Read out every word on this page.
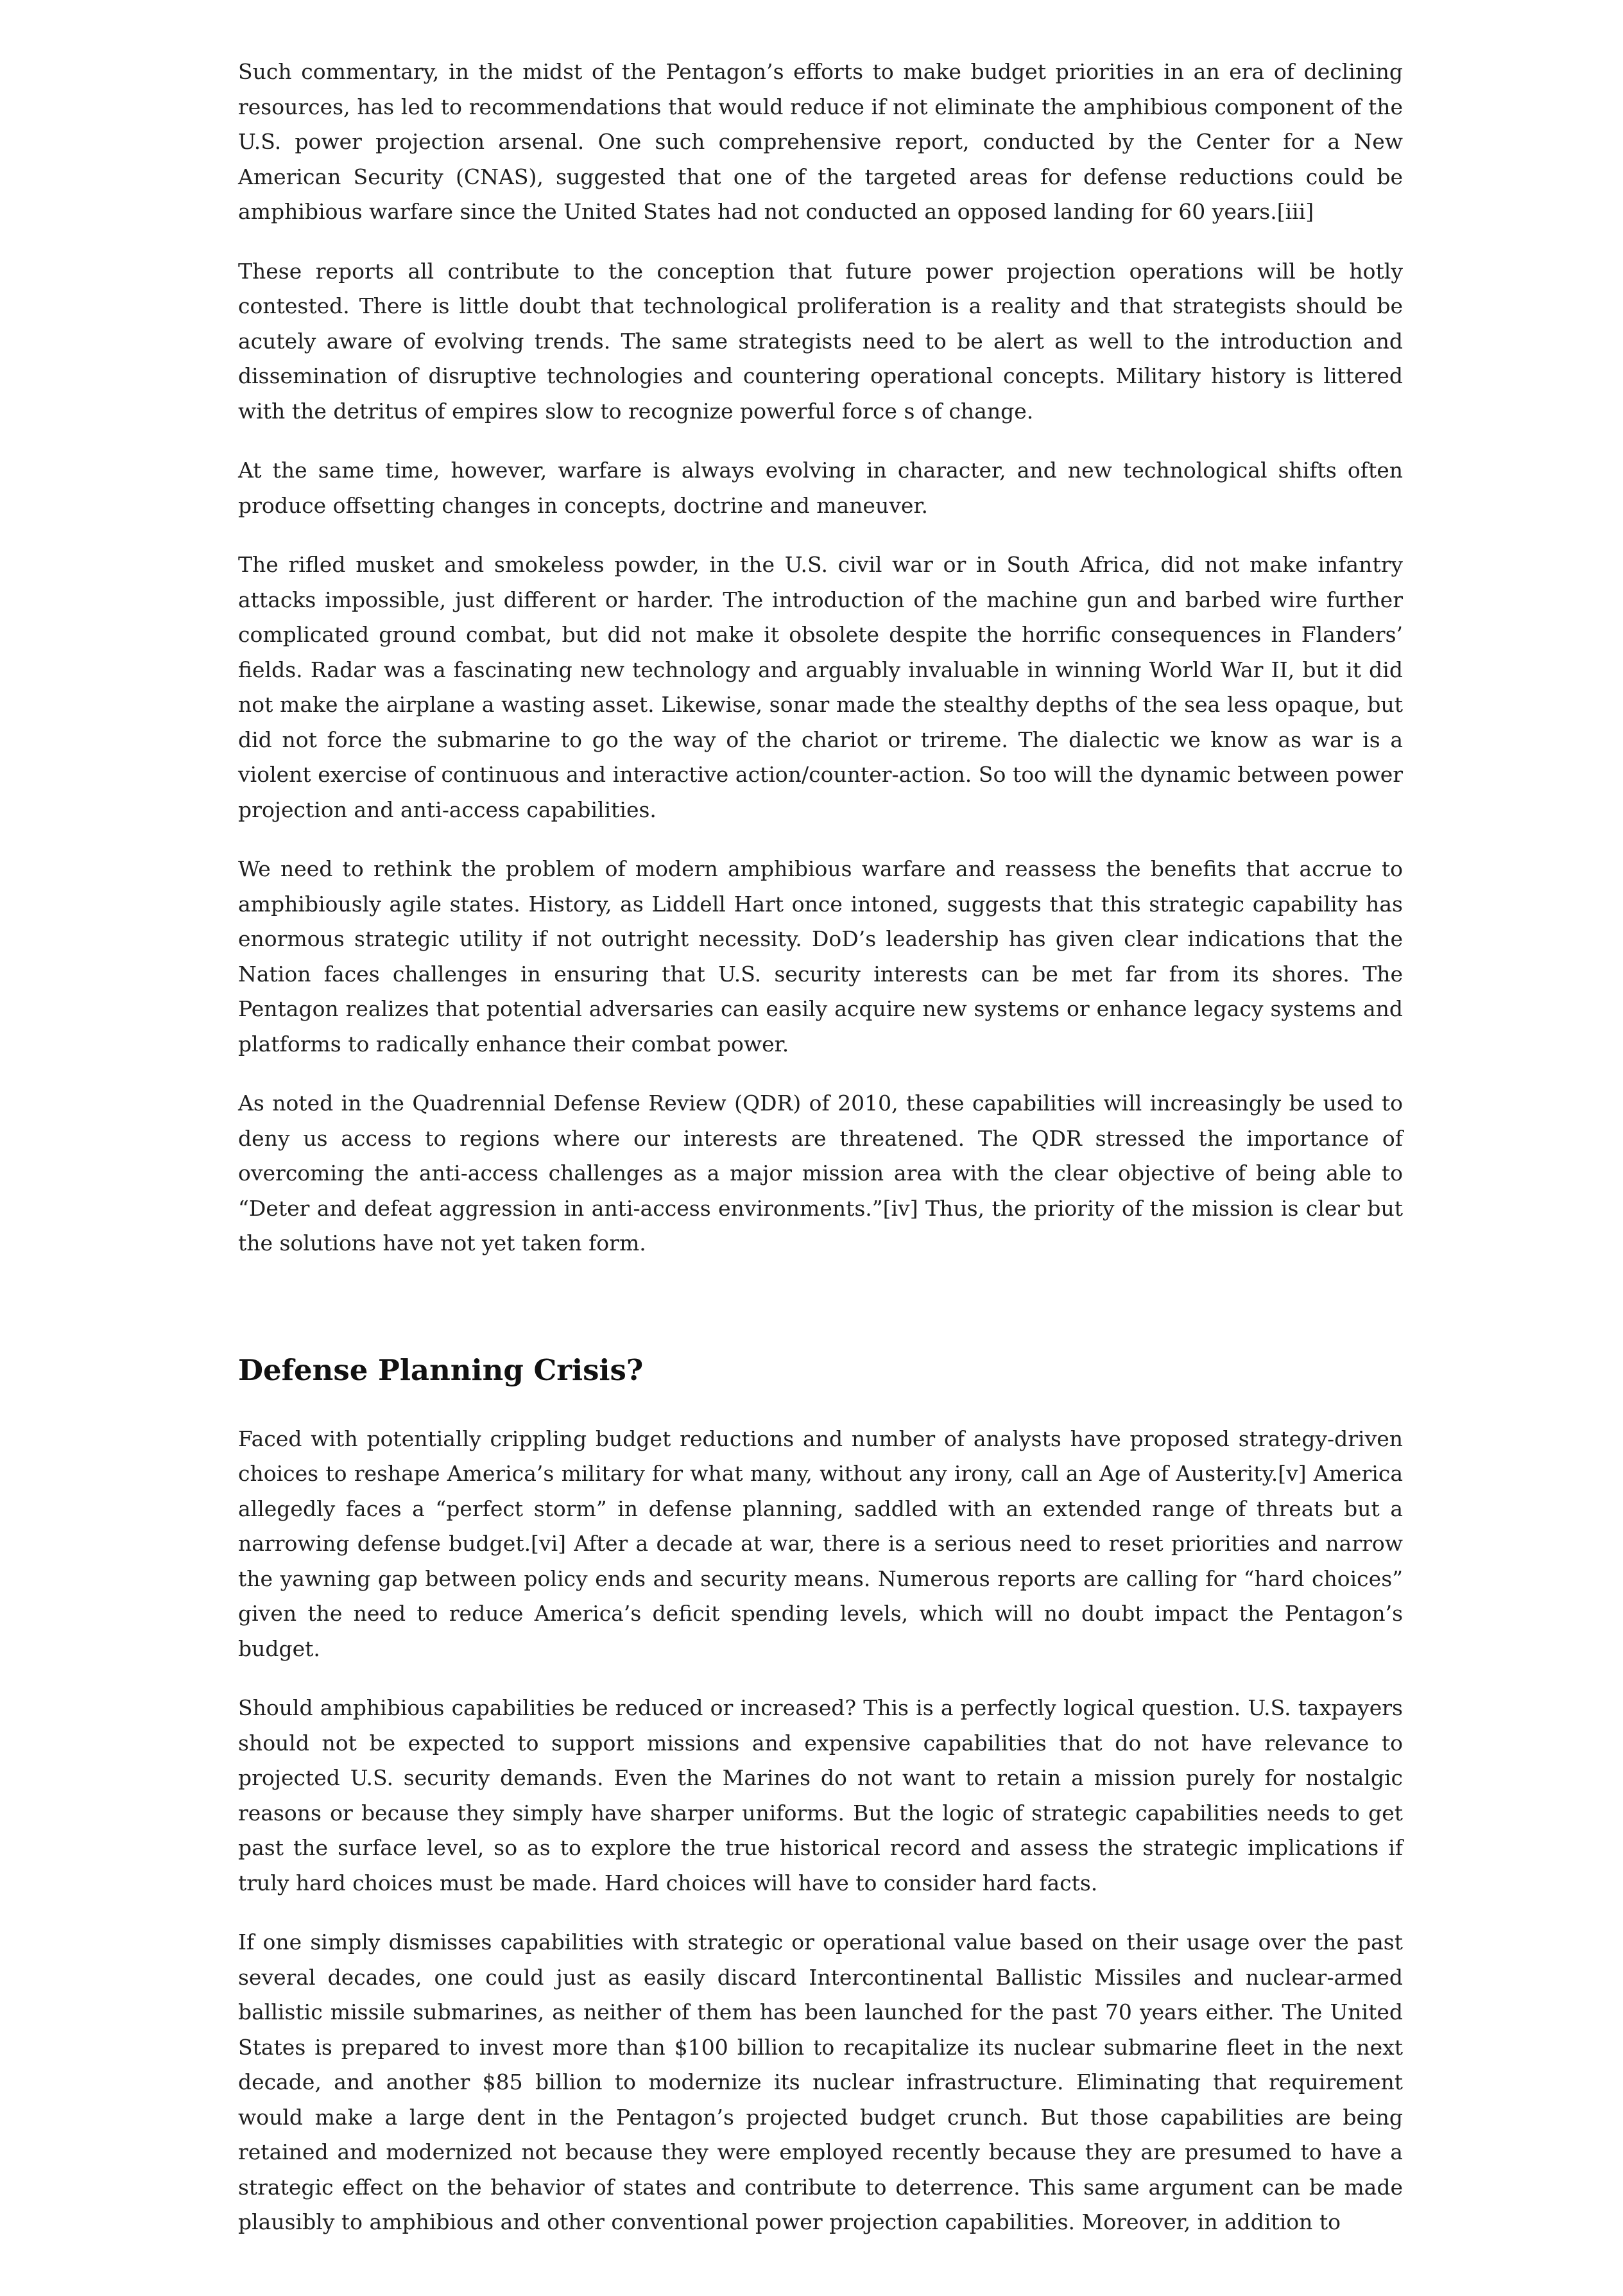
Such commentary, in the midst of the Pentagon’s efforts to make budget priorities in an era of declining resources, has led to recommendations that would reduce if not eliminate the amphibious component of the U.S. power projection arsenal. One such comprehensive report, conducted by the Center for a New American Security (CNAS), suggested that one of the targeted areas for defense reductions could be amphibious warfare since the United States had not conducted an opposed landing for 60 years.[iii]

These reports all contribute to the conception that future power projection operations will be hotly contested. There is little doubt that technological proliferation is a reality and that strategists should be acutely aware of evolving trends. The same strategists need to be alert as well to the introduction and dissemination of disruptive technologies and countering operational concepts. Military history is littered with the detritus of empires slow to recognize powerful force s of change.

At the same time, however, warfare is always evolving in character, and new technological shifts often produce offsetting changes in concepts, doctrine and maneuver.

The rifled musket and smokeless powder, in the U.S. civil war or in South Africa, did not make infantry attacks impossible, just different or harder. The introduction of the machine gun and barbed wire further complicated ground combat, but did not make it obsolete despite the horrific consequences in Flanders’ fields. Radar was a fascinating new technology and arguably invaluable in winning World War II, but it did not make the airplane a wasting asset. Likewise, sonar made the stealthy depths of the sea less opaque, but did not force the submarine to go the way of the chariot or trireme. The dialectic we know as war is a violent exercise of continuous and interactive action/counter-action. So too will the dynamic between power projection and anti-access capabilities.

We need to rethink the problem of modern amphibious warfare and reassess the benefits that accrue to amphibiously agile states. History, as Liddell Hart once intoned, suggests that this strategic capability has enormous strategic utility if not outright necessity. DoD’s leadership has given clear indications that the Nation faces challenges in ensuring that U.S. security interests can be met far from its shores. The Pentagon realizes that potential adversaries can easily acquire new systems or enhance legacy systems and platforms to radically enhance their combat power.

As noted in the Quadrennial Defense Review (QDR) of 2010, these capabilities will increasingly be used to deny us access to regions where our interests are threatened. The QDR stressed the importance of overcoming the anti-access challenges as a major mission area with the clear objective of being able to “Deter and defeat aggression in anti-access environments.”[iv] Thus, the priority of the mission is clear but the solutions have not yet taken form.

Defense Planning Crisis?

Faced with potentially crippling budget reductions and number of analysts have proposed strategy-driven choices to reshape America’s military for what many, without any irony, call an Age of Austerity.[v] America allegedly faces a “perfect storm” in defense planning, saddled with an extended range of threats but a narrowing defense budget.[vi] After a decade at war, there is a serious need to reset priorities and narrow the yawning gap between policy ends and security means. Numerous reports are calling for “hard choices” given the need to reduce America’s deficit spending levels, which will no doubt impact the Pentagon’s budget.

Should amphibious capabilities be reduced or increased? This is a perfectly logical question. U.S. taxpayers should not be expected to support missions and expensive capabilities that do not have relevance to projected U.S. security demands. Even the Marines do not want to retain a mission purely for nostalgic reasons or because they simply have sharper uniforms. But the logic of strategic capabilities needs to get past the surface level, so as to explore the true historical record and assess the strategic implications if truly hard choices must be made. Hard choices will have to consider hard facts.

If one simply dismisses capabilities with strategic or operational value based on their usage over the past several decades, one could just as easily discard Intercontinental Ballistic Missiles and nuclear-armed ballistic missile submarines, as neither of them has been launched for the past 70 years either. The United States is prepared to invest more than $100 billion to recapitalize its nuclear submarine fleet in the next decade, and another $85 billion to modernize its nuclear infrastructure. Eliminating that requirement would make a large dent in the Pentagon’s projected budget crunch. But those capabilities are being retained and modernized not because they were employed recently because they are presumed to have a strategic effect on the behavior of states and contribute to deterrence. This same argument can be made plausibly to amphibious and other conventional power projection capabilities. Moreover, in addition to
